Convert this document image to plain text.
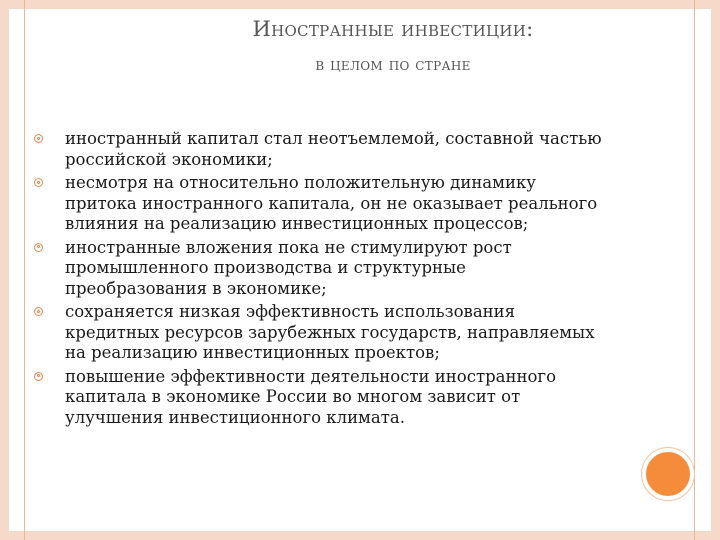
Иностранные инвестиции:
в целом по стране
иностранный капитал стал неотъемлемой, составной частью российской экономики;
несмотря на относительно положительную динамику притока иностранного капитала, он не оказывает реального влияния на реализацию инвестиционных процессов;
иностранные вложения пока не стимулируют рост промышленного производства и структурные преобразования в экономике;
сохраняется низкая эффективность использования кредитных ресурсов зарубежных государств, направляемых на реализацию инвестиционных проектов;
повышение эффективности деятельности иностранного капитала в экономике России во многом зависит от улучшения инвестиционного климата.
